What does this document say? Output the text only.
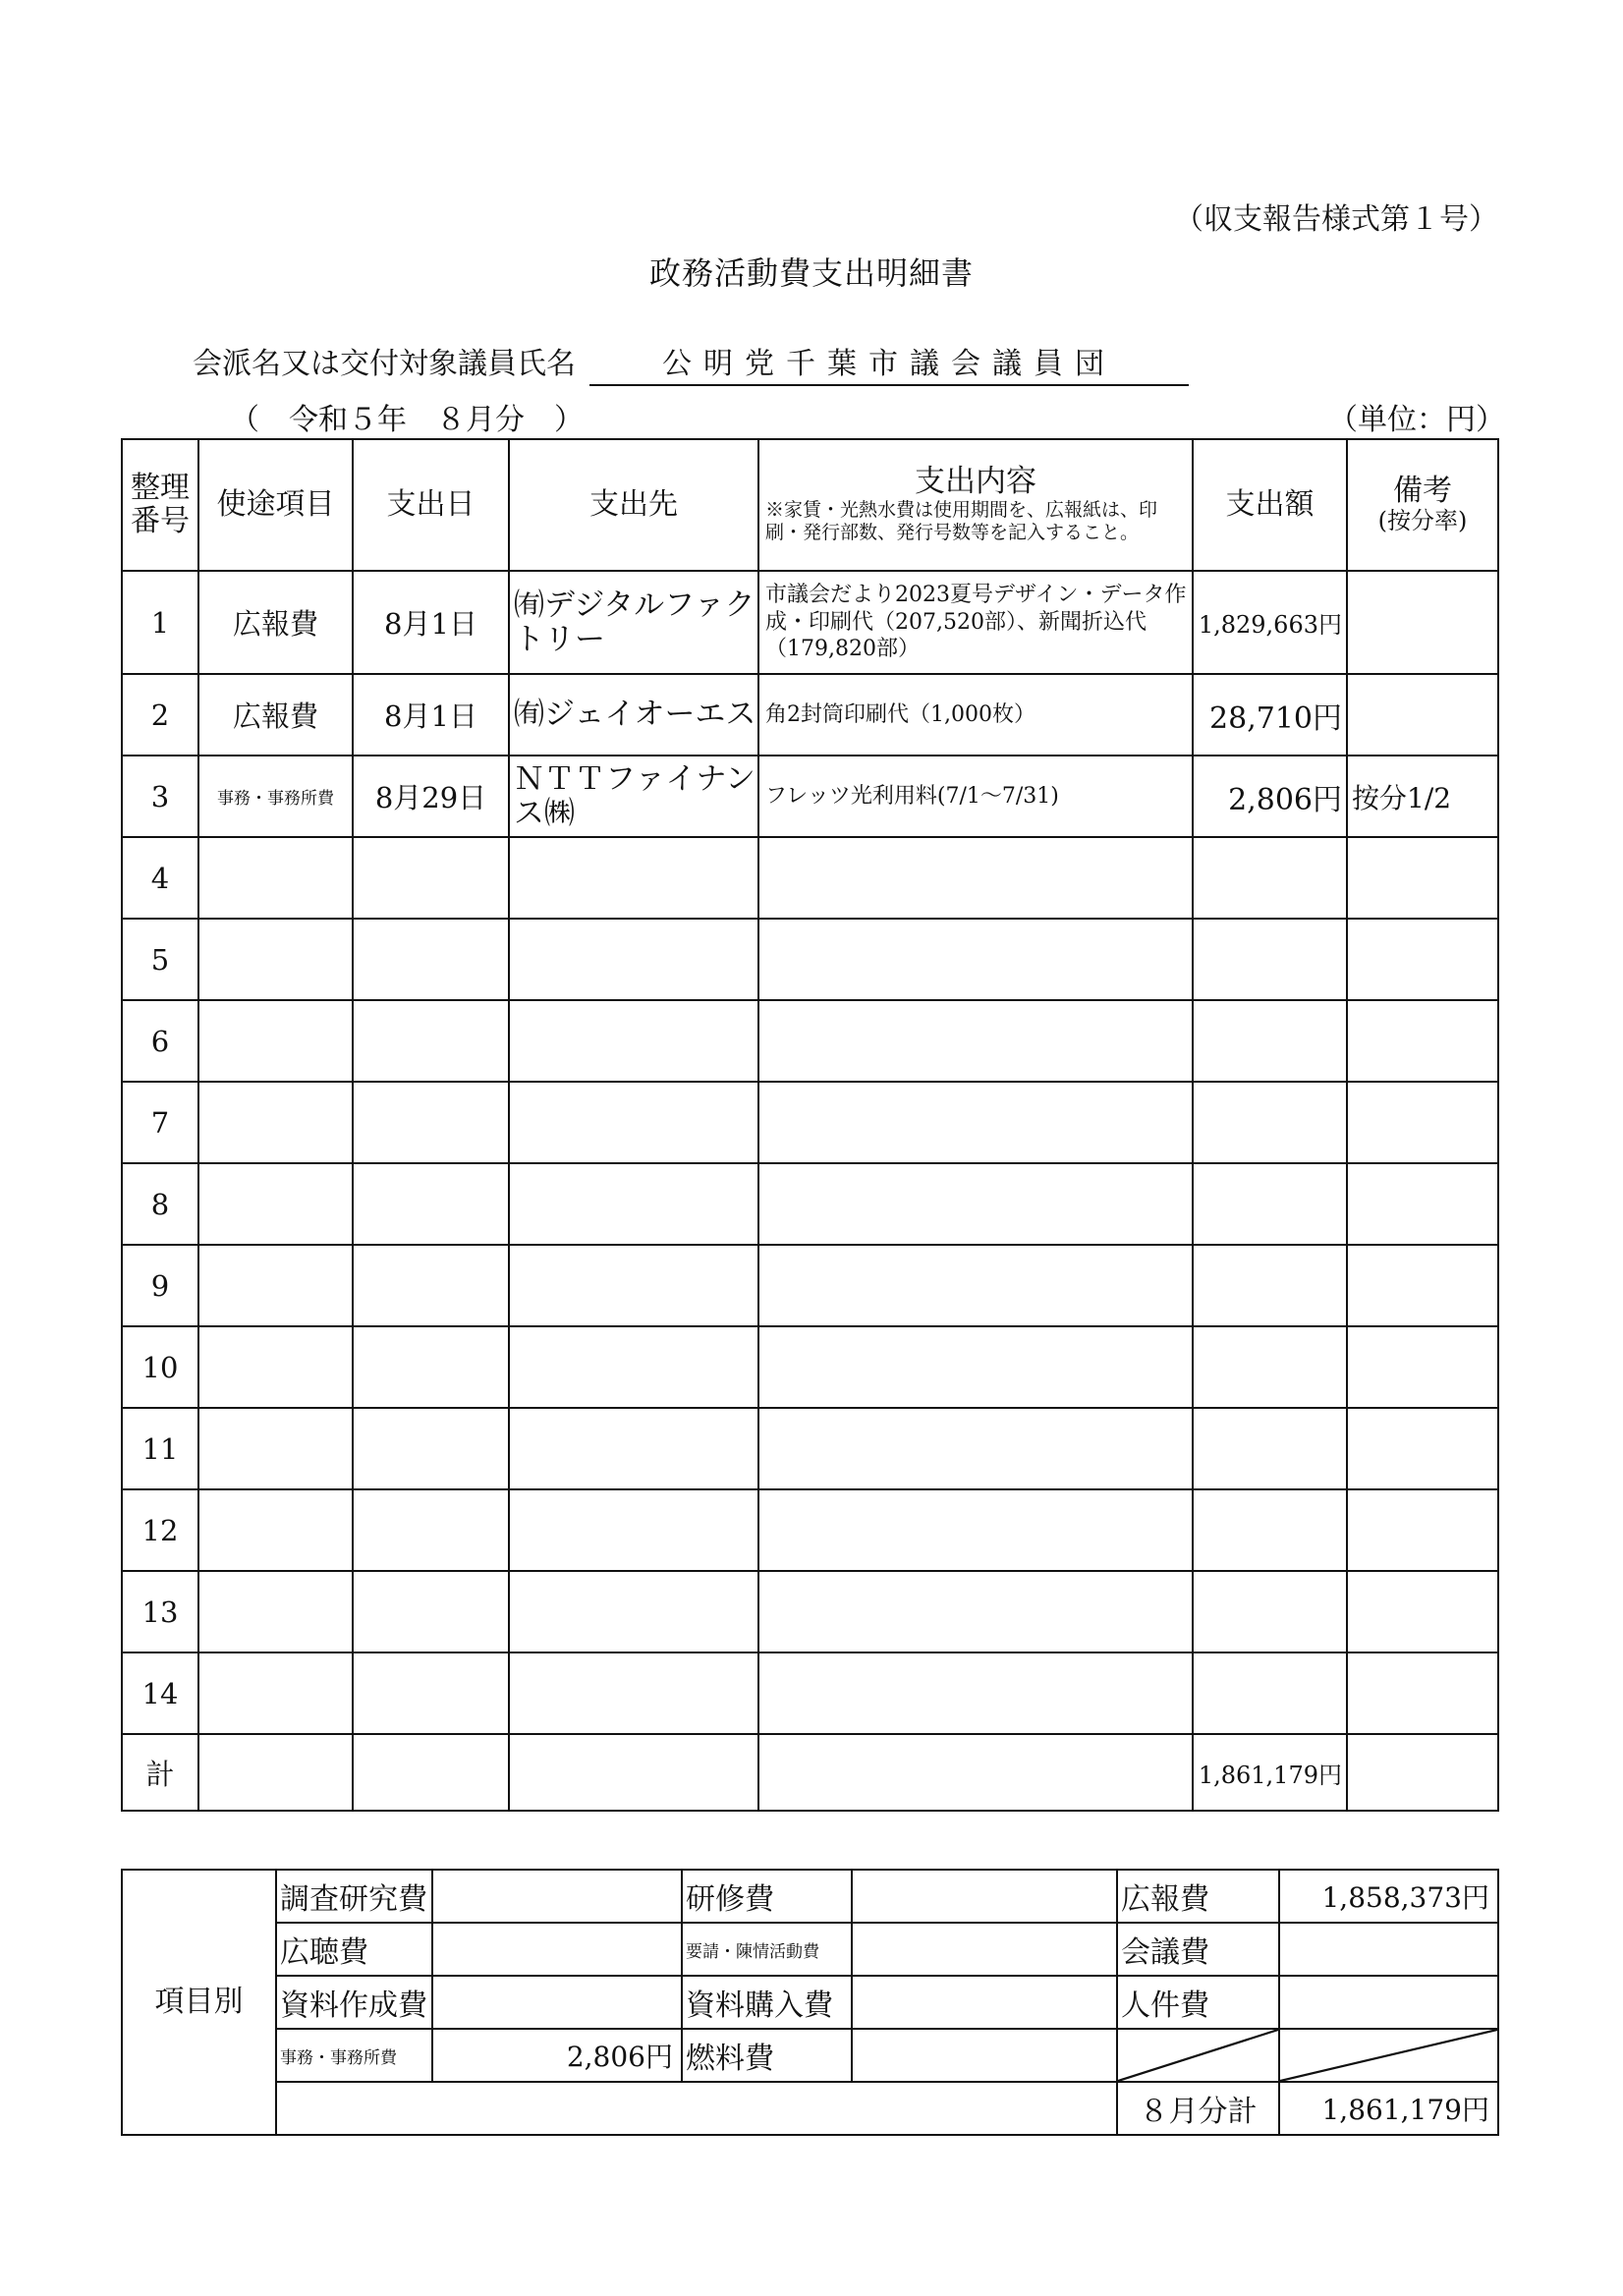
（収支報告様式第１号）
政務活動費支出明細書
会派名又は交付対象議員氏名	公明党千葉市議会議員団
（　令和５年　８月分　）	（単位：円）
整理番号	使途項目	支出日	支出先	支出内容
※家賃・光熱水費は使用期間を、広報紙は、印刷・発行部数、発行号数等を記入すること。	支出額	備考
(按分率)

1	広報費	8月1日	㈲デジタルファクトリー	市議会だより2023夏号デザイン・データ作成・印刷代（207,520部）、新聞折込代（179,820部）	1,829,663円	
2	広報費	8月1日	㈲ジェイオーエス	角2封筒印刷代（1,000枚）	28,710円	
3	事務・事務所費	8月29日	ＮＴＴファイナンス㈱	フレッツ光利用料(7/1～7/31)	2,806円	按分1/2
4						
5						
6						
7						
8						
9						
10						
11						
12						
13						
14						
計					1,861,179円	
項目別	調査研究費		研修費		広報費	1,858,373円
	広聴費		要請・陳情活動費		会議費	
	資料作成費		資料購入費		人件費	
	事務・事務所費	2,806円	燃料費		

					８月分計	1,861,179円
